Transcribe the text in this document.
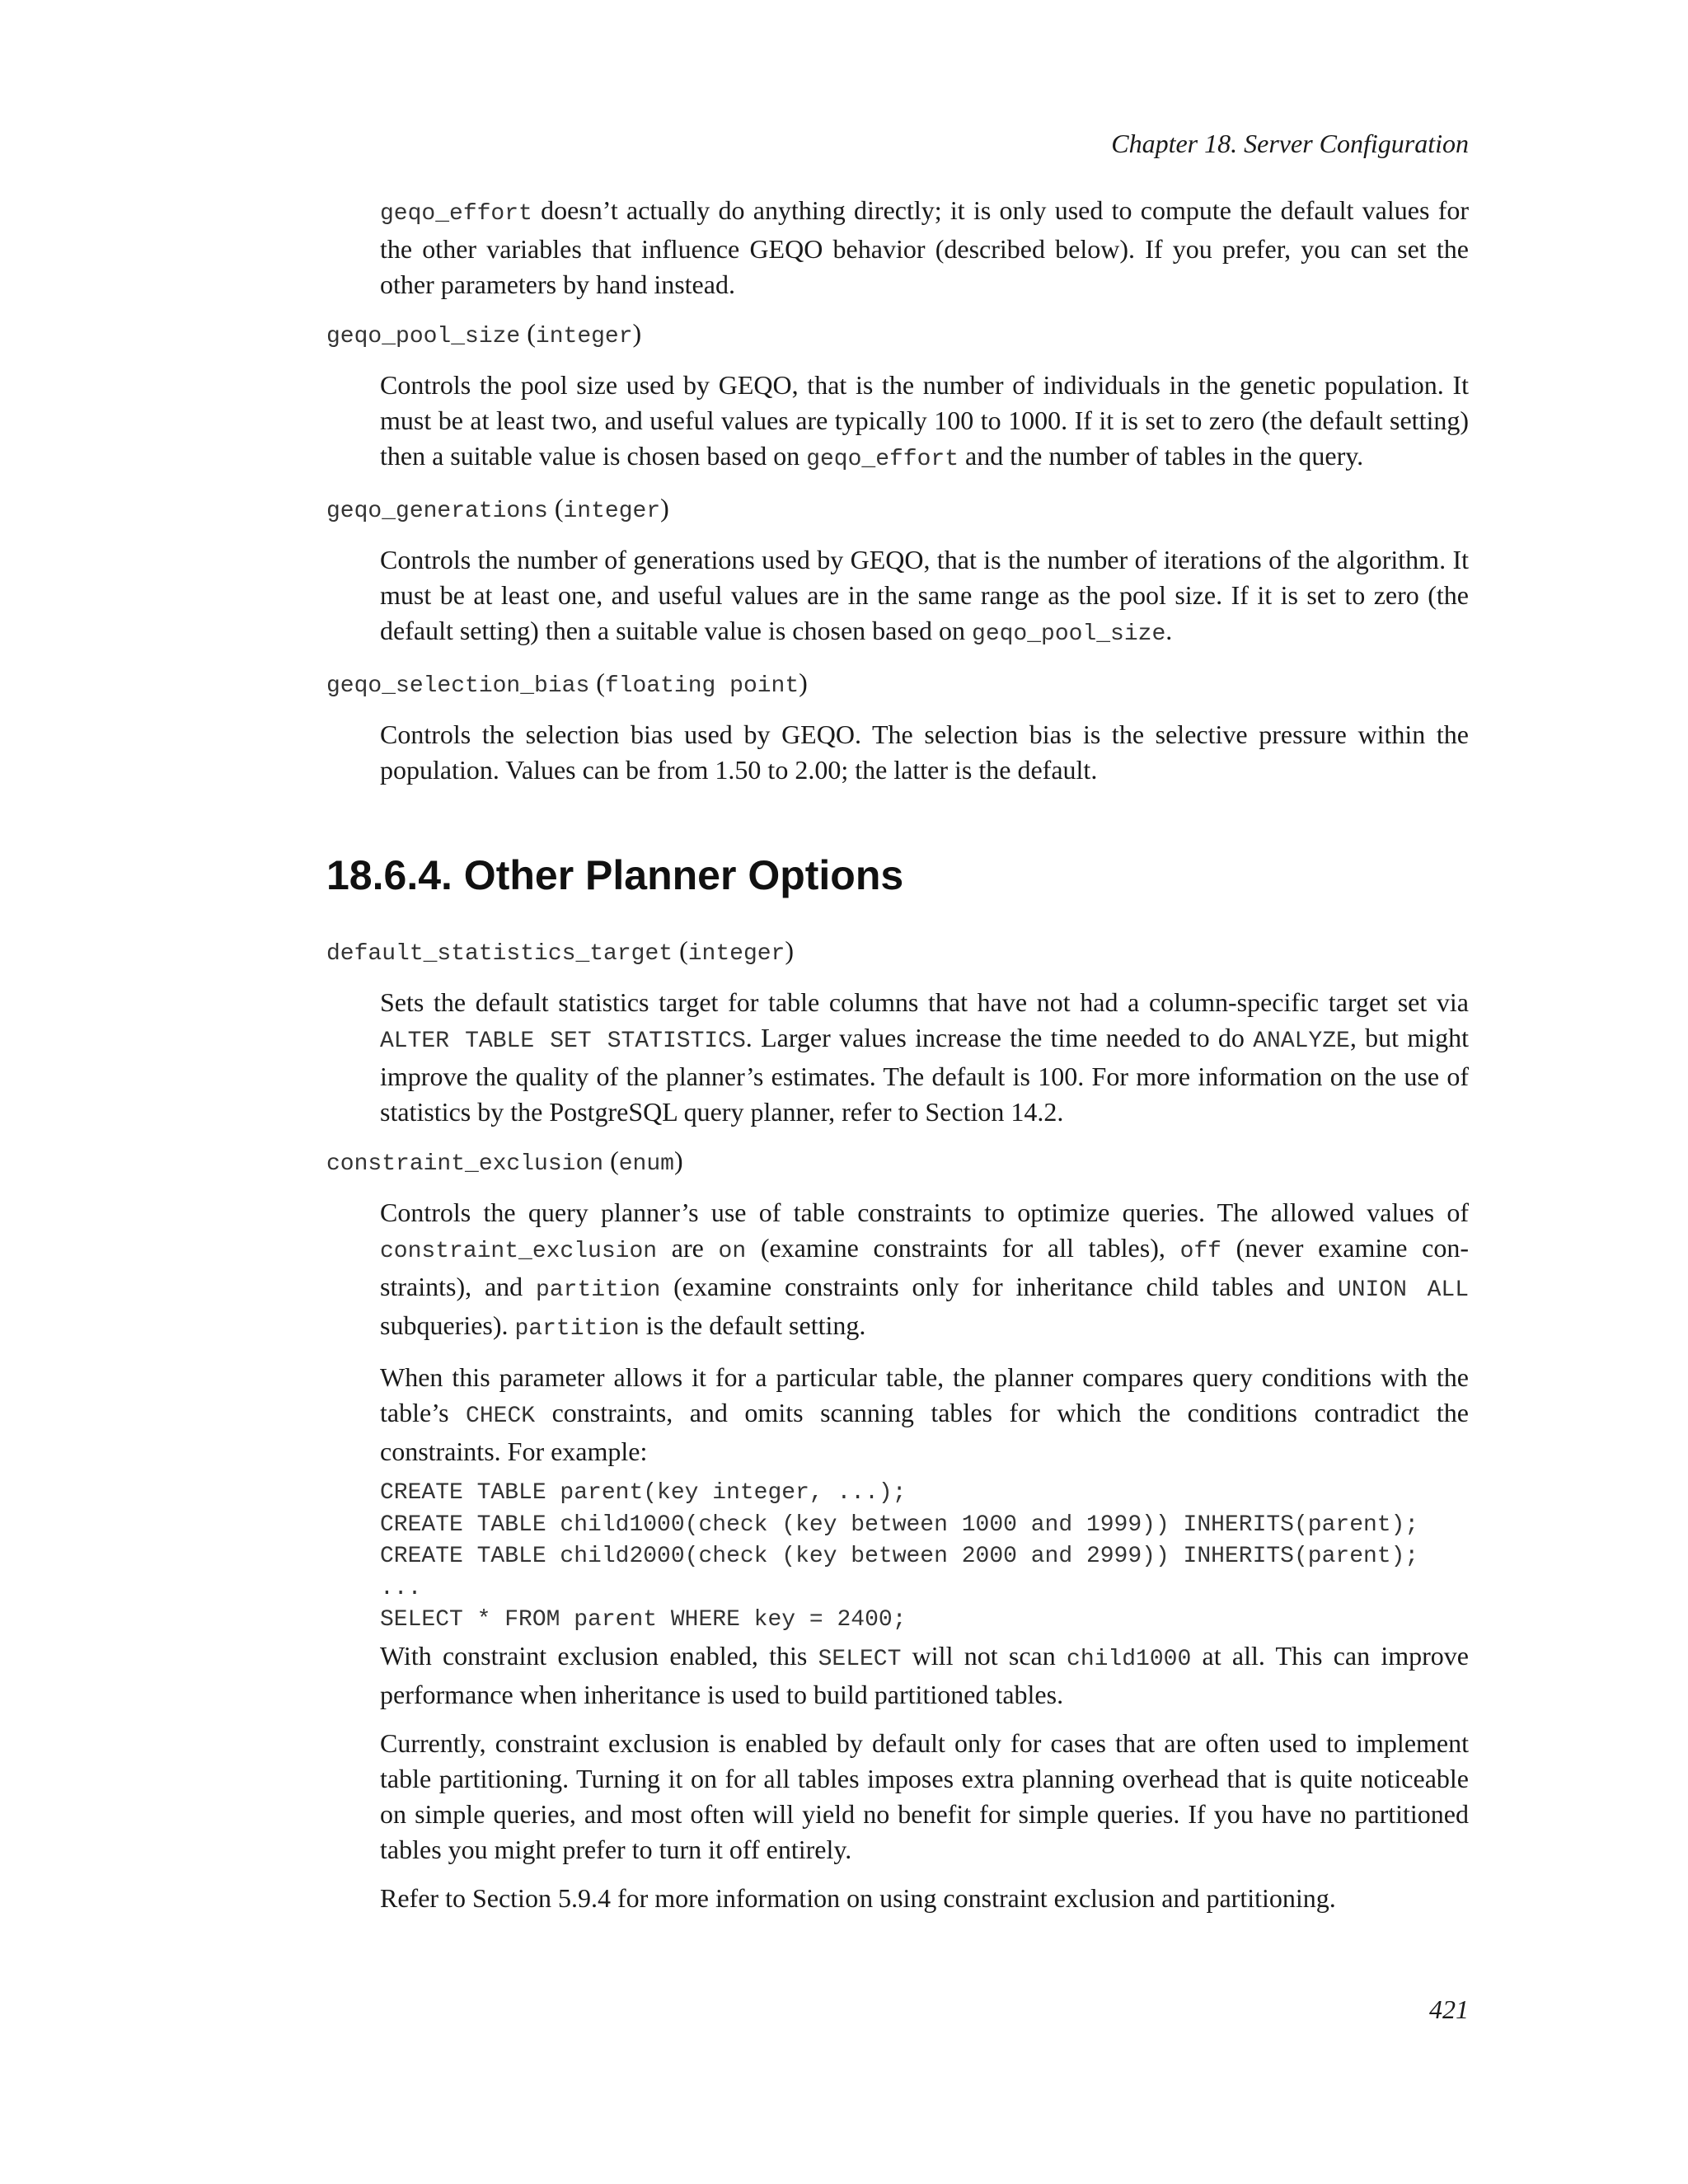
Chapter 18. Server Configuration

geqo_effort doesn’t actually do anything directly; it is only used to compute the default values for the other variables that influence GEQO behavior (described below). If you prefer, you can set the other parameters by hand instead.

geqo_pool_size (integer)

Controls the pool size used by GEQO, that is the number of individuals in the genetic population. It must be at least two, and useful values are typically 100 to 1000. If it is set to zero (the default setting) then a suitable value is chosen based on geqo_effort and the number of tables in the query.

geqo_generations (integer)

Controls the number of generations used by GEQO, that is the number of iterations of the algorithm. It must be at least one, and useful values are in the same range as the pool size. If it is set to zero (the default setting) then a suitable value is chosen based on geqo_pool_size.

geqo_selection_bias (floating point)

Controls the selection bias used by GEQO. The selection bias is the selective pressure within the population. Values can be from 1.50 to 2.00; the latter is the default.

18.6.4. Other Planner Options
default_statistics_target (integer)

Sets the default statistics target for table columns that have not had a column-specific target set via ALTER TABLE SET STATISTICS. Larger values increase the time needed to do ANALYZE, but might improve the quality of the planner’s estimates. The default is 100. For more information on the use of statistics by the PostgreSQL query planner, refer to Section 14.2.

constraint_exclusion (enum)

Controls the query planner’s use of table constraints to optimize queries. The allowed values of constraint_exclusion are on (examine constraints for all tables), off (never examine con-straints), and partition (examine constraints only for inheritance child tables and UNION ALL subqueries). partition is the default setting.

When this parameter allows it for a particular table, the planner compares query conditions with the table’s CHECK constraints, and omits scanning tables for which the conditions contradict the constraints. For example:

CREATE TABLE parent(key integer, ...);
CREATE TABLE child1000(check (key between 1000 and 1999)) INHERITS(parent);
CREATE TABLE child2000(check (key between 2000 and 2999)) INHERITS(parent);
...
SELECT * FROM parent WHERE key = 2400;

With constraint exclusion enabled, this SELECT will not scan child1000 at all. This can improve performance when inheritance is used to build partitioned tables.

Currently, constraint exclusion is enabled by default only for cases that are often used to implement table partitioning. Turning it on for all tables imposes extra planning overhead that is quite noticeable on simple queries, and most often will yield no benefit for simple queries. If you have no partitioned tables you might prefer to turn it off entirely.

Refer to Section 5.9.4 for more information on using constraint exclusion and partitioning.

421
